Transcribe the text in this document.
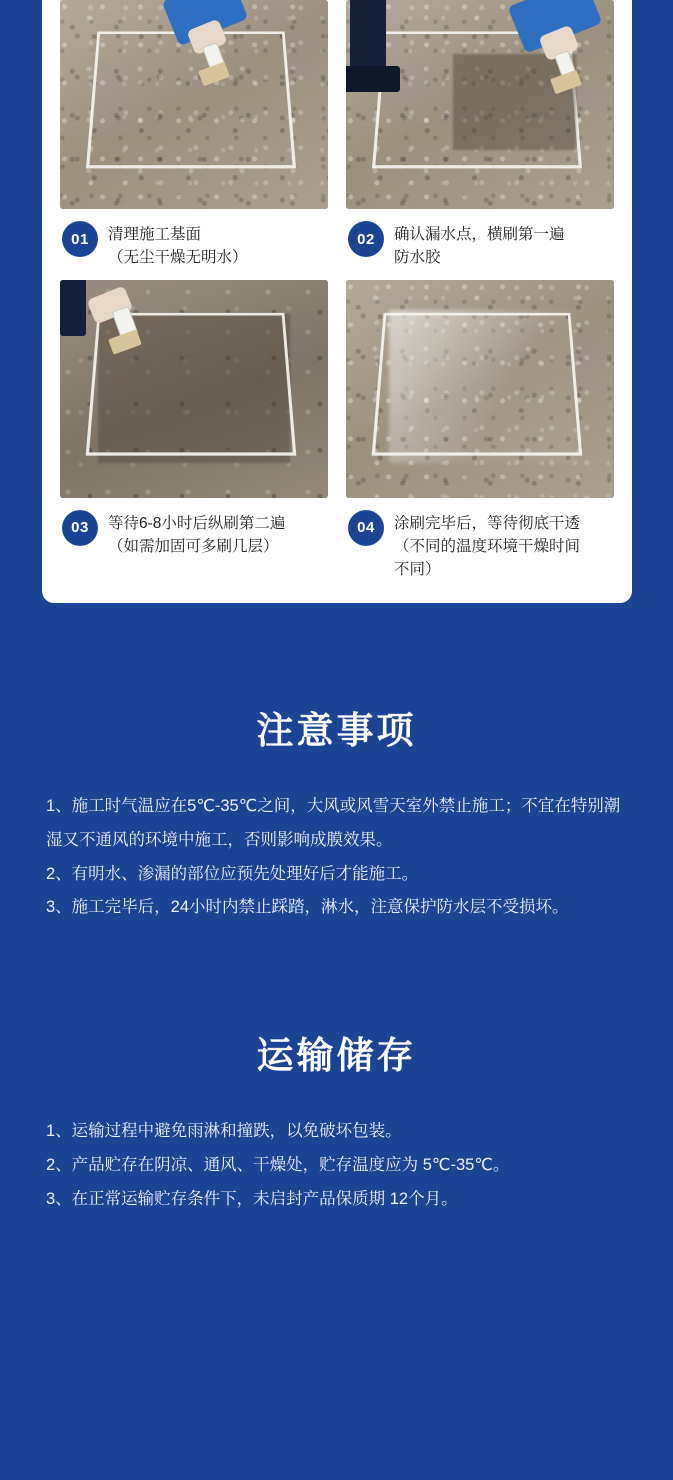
01	清理施工基面
（无尘干燥无明水）
02	确认漏水点，横刷第一遍
防水胶
03	等待6-8小时后纵刷第二遍
（如需加固可多刷几层）
04	涂刷完毕后，等待彻底干透
（不同的温度环境干燥时间
不同）
注意事项

1、施工时气温应在5℃-35℃之间，大风或风雪天室外禁止施工；不宜在特别潮湿又不通风的环境中施工，否则影响成膜效果。

2、有明水、渗漏的部位应预先处理好后才能施工。

3、施工完毕后，24小时内禁止踩踏，淋水，注意保护防水层不受损坏。

运输储存

1、运输过程中避免雨淋和撞跌，以免破坏包装。

2、产品贮存在阴凉、通风、干燥处，贮存温度应为 5℃-35℃。

3、在正常运输贮存条件下，未启封产品保质期 12个月。
